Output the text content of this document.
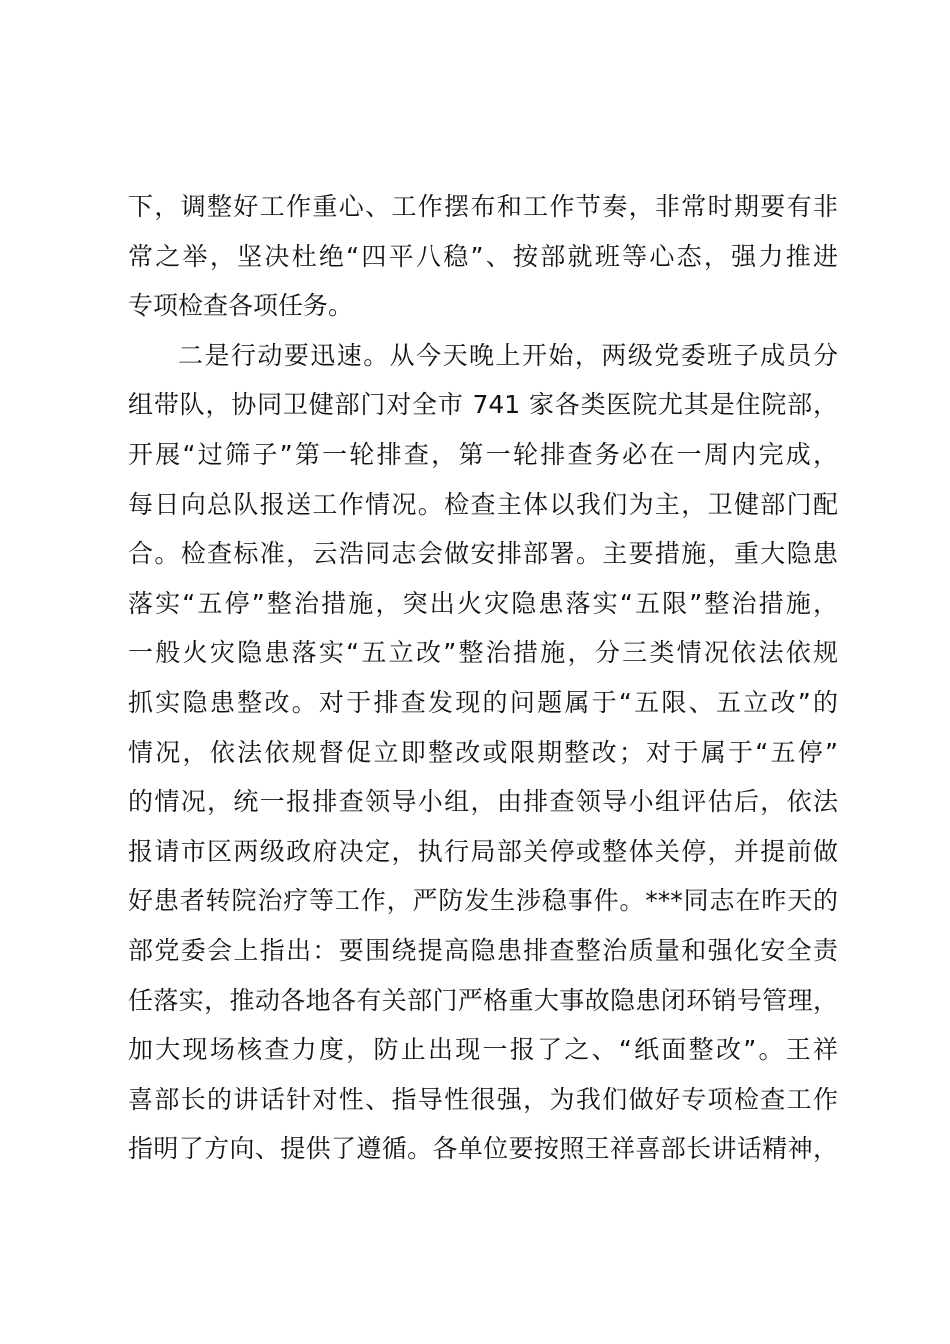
下，调整好工作重心、工作摆布和工作节奏，非常时期要有非
常之举，坚决杜绝“四平八稳”、按部就班等心态，强力推进
专项检查各项任务。
二是行动要迅速。从今天晚上开始，两级党委班子成员分
组带队，协同卫健部门对全市 741 家各类医院尤其是住院部，
开展“过筛子”第一轮排查，第一轮排查务必在一周内完成，
每日向总队报送工作情况。检查主体以我们为主，卫健部门配
合。检查标准，云浩同志会做安排部署。主要措施，重大隐患
落实“五停”整治措施，突出火灾隐患落实“五限”整治措施，
一般火灾隐患落实“五立改”整治措施，分三类情况依法依规
抓实隐患整改。对于排查发现的问题属于“五限、五立改”的
情况，依法依规督促立即整改或限期整改；对于属于“五停”
的情况，统一报排查领导小组，由排查领导小组评估后，依法
报请市区两级政府决定，执行局部关停或整体关停，并提前做
好患者转院治疗等工作，严防发生涉稳事件。***同志在昨天的
部党委会上指出：要围绕提高隐患排查整治质量和强化安全责
任落实，推动各地各有关部门严格重大事故隐患闭环销号管理，
加大现场核查力度，防止出现一报了之、“纸面整改”。王祥
喜部长的讲话针对性、指导性很强，为我们做好专项检查工作
指明了方向、提供了遵循。各单位要按照王祥喜部长讲话精神，
